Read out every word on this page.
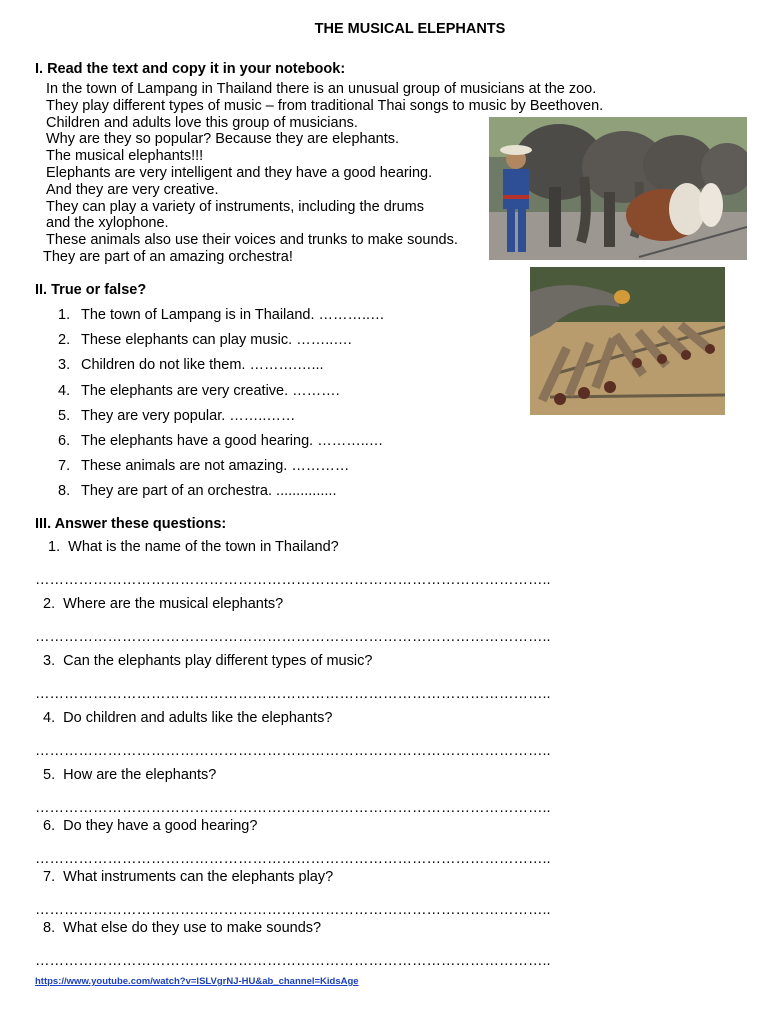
THE MUSICAL ELEPHANTS
I. Read the text and copy it in your notebook:
In the town of Lampang in Thailand there is an unusual group of musicians at the zoo.
They play different types of music – from traditional Thai songs to music by Beethoven.
Children and adults love this group of musicians.
Why are they so popular? Because they are elephants.
The musical elephants!!!
Elephants are very intelligent and they have a good hearing.
And they are very creative.
They can play a variety of instruments, including the drums
and the xylophone.
These animals also use their voices and trunks to make sounds.
They are part of an amazing orchestra!
II. True or false?
1. The town of Lampang is in Thailand. ………..…
2. These elephants can play music. ……..….
3. Children do not like them. ……….…...
4. The elephants are very creative. ……….
5. They are very popular. ……..……
6. The elephants have a good hearing. ………..…
7. These animals are not amazing. …………
8. They are part of an orchestra. ...............
III. Answer these questions:
1. What is the name of the town in Thailand?
……………………………………………………………………………………………..
2. Where are the musical elephants?
……………………………………………………………………………………………..
3. Can the elephants play different types of music?
……………………………………………………………………………………………..
4. Do children and adults like the elephants?
……………………………………………………………………………………………..
5. How are the elephants?
……………………………………………………………………………………………..
6. Do they have a good hearing?
……………………………………………………………………………………………..
7. What instruments can the elephants play?
……………………………………………………………………………………………..
8. What else do they use to make sounds?
……………………………………………………………………………………………..
https://www.youtube.com/watch?v=lSLVgrNJ-HU&ab_channel=KidsAge
